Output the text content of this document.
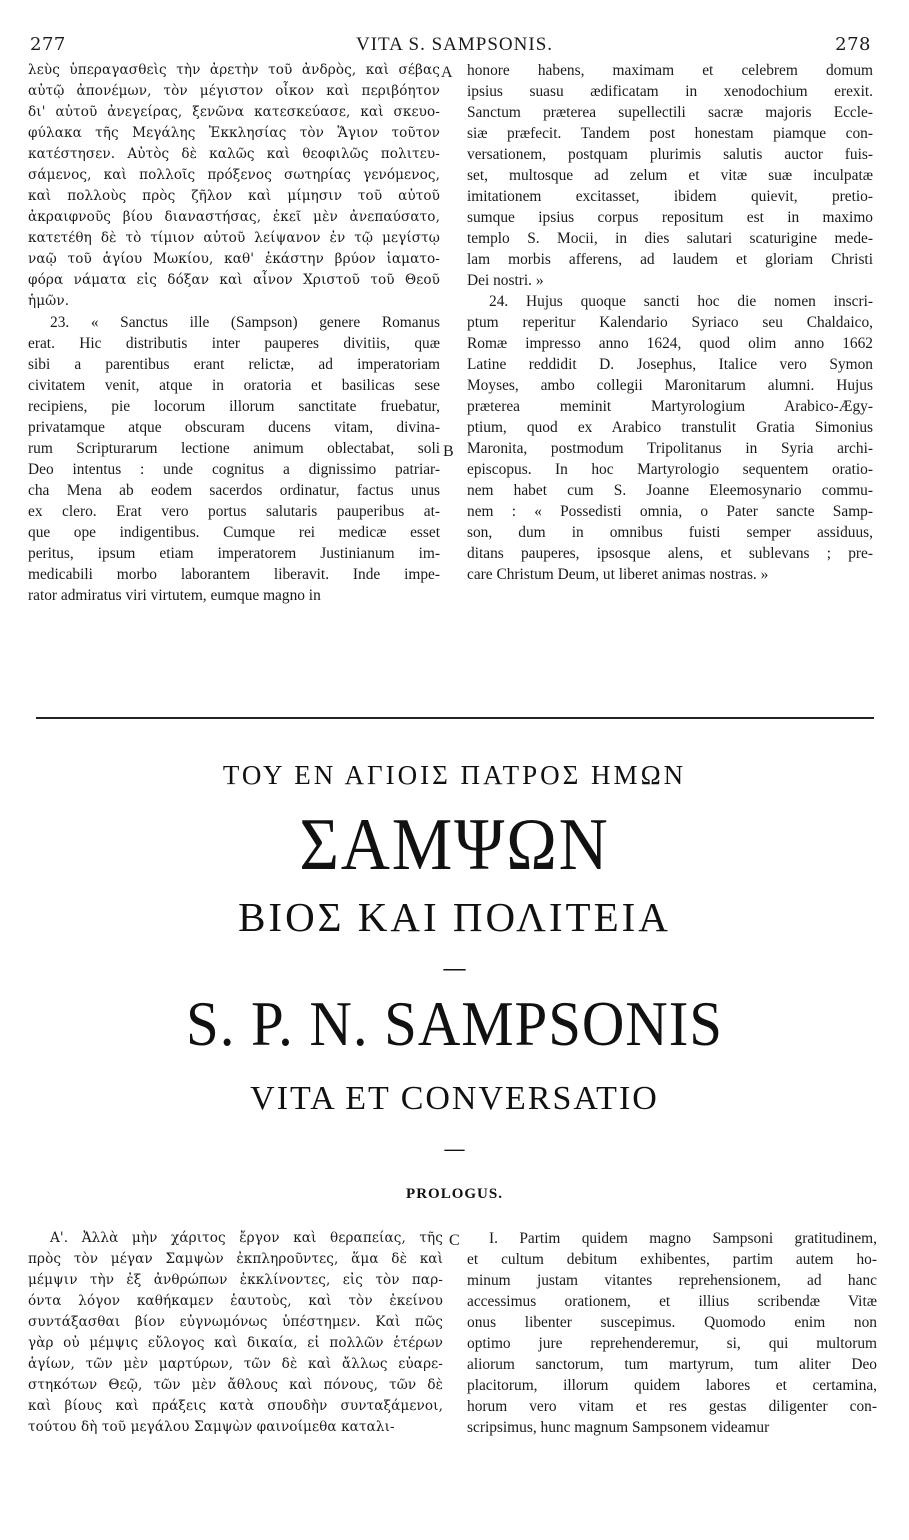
VITA S. SAMPSONIS.
277	278
A
B
C
λεὺς ὑπεραγασθεὶς τὴν ἀρετὴν τοῦ ἀνδρὸς, καὶ σέβας
αὐτῷ ἀπονέμων, τὸν μέγιστον οἶκον καὶ περιβόητον
δι' αὐτοῦ ἀνεγείρας, ξενῶνα κατεσκεύασε, καὶ σκευο-
φύλακα τῆς Μεγάλης Ἐκκλησίας τὸν Ἅγιον τοῦτον
κατέστησεν. Αὐτὸς δὲ καλῶς καὶ θεοφιλῶς πολιτευ-
σάμενος, καὶ πολλοῖς πρόξενος σωτηρίας γενόμενος,
καὶ πολλοὺς πρὸς ζῆλον καὶ μίμησιν τοῦ αὐτοῦ
ἀκραιφνοῦς βίου διαναστήσας, ἐκεῖ μὲν ἀνεπαύσατο,
κατετέθη δὲ τὸ τίμιον αὐτοῦ λείψανον ἐν τῷ μεγίστῳ
ναῷ τοῦ ἁγίου Μωκίου, καθ' ἑκάστην βρύον ἰαματο-
φόρα νάματα εἰς δόξαν καὶ αἶνον Χριστοῦ τοῦ Θεοῦ
ἡμῶν.
23. « Sanctus ille (Sampson) genere Romanus
erat. Hic distributis inter pauperes divitiis, quæ
sibi a parentibus erant relictæ, ad imperatoriam
civitatem venit, atque in oratoria et basilicas sese
recipiens, pie locorum illorum sanctitate fruebatur,
privatamque atque obscuram ducens vitam, divina-
rum Scripturarum lectione animum oblectabat, soli
Deo intentus : unde cognitus a dignissimo patriar-
cha Mena ab eodem sacerdos ordinatur, factus unus
ex clero. Erat vero portus salutaris pauperibus at-
que ope indigentibus. Cumque rei medicæ esset
peritus, ipsum etiam imperatorem Justinianum im-
medicabili morbo laborantem liberavit. Inde impe-
rator admiratus viri virtutem, eumque magno in
honore habens, maximam et celebrem domum
ipsius suasu ædificatam in xenodochium erexit.
Sanctum præterea supellectili sacræ majoris Eccle-
siæ præfecit. Tandem post honestam piamque con-
versationem, postquam plurimis salutis auctor fuis-
set, multosque ad zelum et vitæ suæ inculpatæ
imitationem excitasset, ibidem quievit, pretio-
sumque ipsius corpus repositum est in maximo
templo S. Mocii, in dies salutari scaturigine mede-
lam morbis afferens, ad laudem et gloriam Christi
Dei nostri. »
24. Hujus quoque sancti hoc die nomen inscri-
ptum reperitur Kalendario Syriaco seu Chaldaico,
Romæ impresso anno 1624, quod olim anno 1662
Latine reddidit D. Josephus, Italice vero Symon
Moyses, ambo collegii Maronitarum alumni. Hujus
præterea meminit Martyrologium Arabico-Ægy-
ptium, quod ex Arabico transtulit Gratia Simonius
Maronita, postmodum Tripolitanus in Syria archi-
episcopus. In hoc Martyrologio sequentem oratio-
nem habet cum S. Joanne Eleemosynario commu-
nem : « Possedisti omnia, o Pater sancte Samp-
son, dum in omnibus fuisti semper assiduus,
ditans pauperes, ipsosque alens, et sublevans ; pre-
care Christum Deum, ut liberet animas nostras. »
ΤΟΥ ΕΝ ΑΓΙΟΙΣ ΠΑΤΡΟΣ ΗΜΩΝ
ΣΑΜΨΩΝ
ΒΙΟΣ ΚΑΙ ΠΟΛΙΤΕΙΑ
—
S. P. N. SAMPSONIS
VITA ET CONVERSATIO
—
PROLOGUS.
Α'. Ἀλλὰ μὴν χάριτος ἔργον καὶ θεραπείας, τῆς
πρὸς τὸν μέγαν Σαμψὼν ἐκπληροῦντες, ἅμα δὲ καὶ
μέμψιν τὴν ἐξ ἀνθρώπων ἐκκλίνοντες, εἰς τὸν παρ-
όντα λόγον καθήκαμεν ἑαυτοὺς, καὶ τὸν ἐκείνου
συντάξασθαι βίον εὐγνωμόνως ὑπέστημεν. Καὶ πῶς
γὰρ οὐ μέμψις εὔλογος καὶ δικαία, εἰ πολλῶν ἑτέρων
ἁγίων, τῶν μὲν μαρτύρων, τῶν δὲ καὶ ἄλλως εὐαρε-
στηκότων Θεῷ, τῶν μὲν ἄθλους καὶ πόνους, τῶν δὲ
καὶ βίους καὶ πράξεις κατὰ σπουδὴν συνταξάμενοι,
τούτου δὴ τοῦ μεγάλου Σαμψὼν φαινοίμεθα καταλι-
I. Partim quidem magno Sampsoni gratitudinem,
et cultum debitum exhibentes, partim autem ho-
minum justam vitantes reprehensionem, ad hanc
accessimus orationem, et illius scribendæ Vitæ
onus libenter suscepimus. Quomodo enim non
optimo jure reprehenderemur, si, qui multorum
aliorum sanctorum, tum martyrum, tum aliter Deo
placitorum, illorum quidem labores et certamina,
horum vero vitam et res gestas diligenter con-
scripsimus, hunc magnum Sampsonem videamur
